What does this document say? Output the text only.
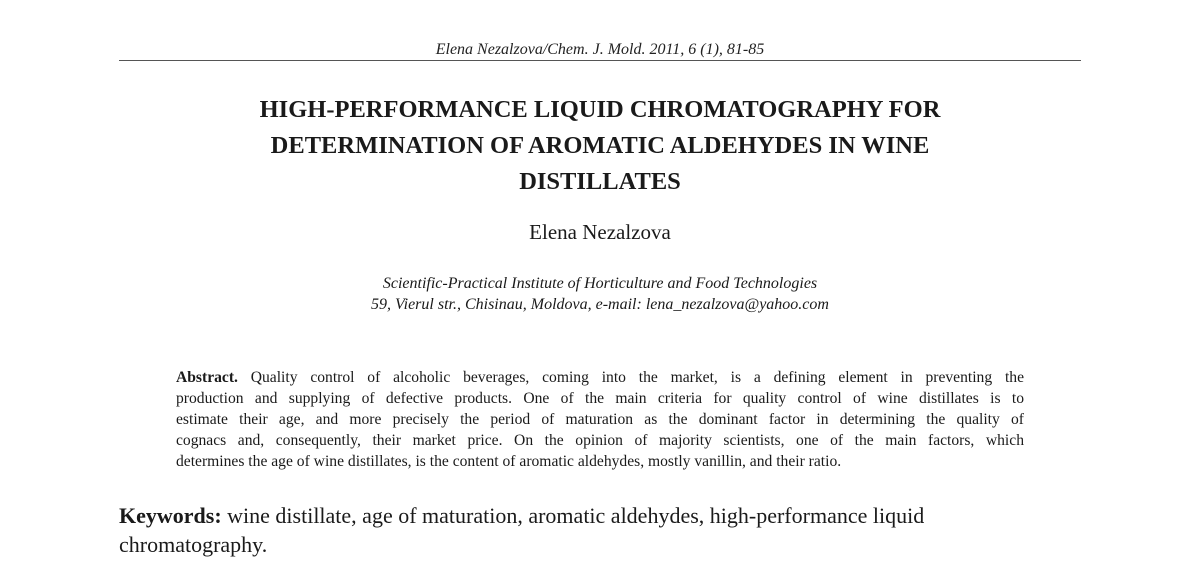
Elena Nezalzova/Chem. J. Mold. 2011, 6 (1), 81-85
HIGH-PERFORMANCE LIQUID CHROMATOGRAPHY FOR
DETERMINATION OF AROMATIC ALDEHYDES IN WINE
DISTILLATES
Elena Nezalzova
Scientific-Practical Institute of Horticulture and Food Technologies
59, Vierul str., Chisinau, Moldova, e-mail: lena_nezalzova@yahoo.com
Abstract. Quality control of alcoholic beverages, coming into the market, is a defining element in preventing the
production and supplying of defective products. One of the main criteria for quality control of wine distillates is to
estimate their age, and more precisely the period of maturation as the dominant factor in determining the quality of
cognacs and, consequently, their market price. On the opinion of majority scientists, one of the main factors, which
determines the age of wine distillates, is the content of aromatic aldehydes, mostly vanillin, and their ratio.
Keywords: wine distillate, age of maturation, aromatic aldehydes, high-performance liquid
chromatography.
